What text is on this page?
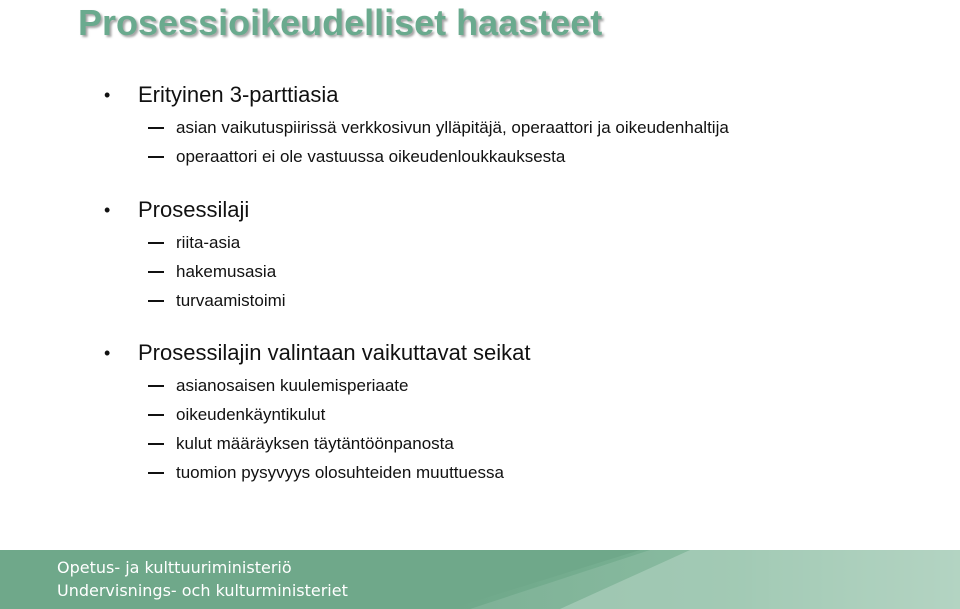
Prosessioikeudelliset haasteet
• Erityinen 3-parttiasia
asian vaikutuspiirissä verkkosivun ylläpitäjä, operaattori ja oikeudenhaltija
operaattori ei ole vastuussa oikeudenloukkauksesta
• Prosessilaji
riita-asia
hakemusasia
turvaamistoimi
• Prosessilajin valintaan vaikuttavat seikat
asianosaisen kuulemisperiaate
oikeudenkäyntikulut
kulut määräyksen täytäntöönpanosta
tuomion pysyvyys olosuhteiden muuttuessa
Opetus- ja kulttuuriministeriö
Undervisnings- och kulturministeriet
